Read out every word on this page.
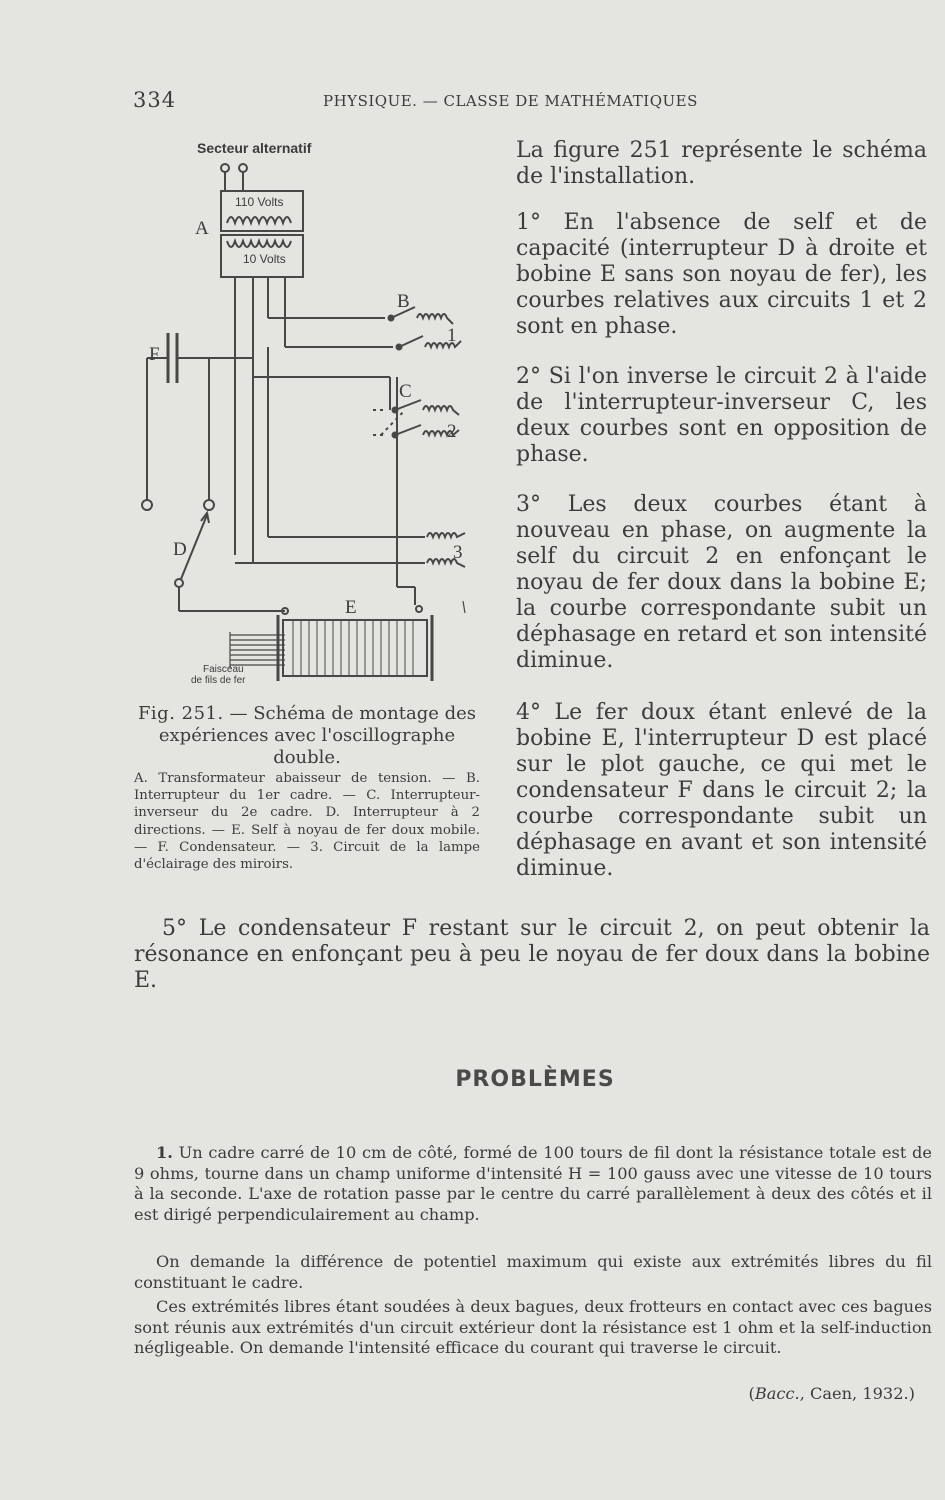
334	PHYSIQUE. — CLASSE DE MATHÉMATIQUES
Secteur alternatif
110 Volts
10 Volts
A
B
C
D
E
F
1
2
3
Faisceau
de fils de fer
Fig. 251. — Schéma de montage des expériences avec l'oscillographe double.
A. Transformateur abaisseur de tension. — B. Interrupteur du 1er cadre. — C. Interrupteur-inverseur du 2e cadre. D. Interrupteur à 2 directions. — E. Self à noyau de fer doux mobile. — F. Condensateur. — 3. Circuit de la lampe d'éclairage des miroirs.

La figure 251 représente le schéma de l'installation.

1° En l'absence de self et de capacité (interrupteur D à droite et bobine E sans son noyau de fer), les courbes relatives aux circuits 1 et 2 sont en phase.

2° Si l'on inverse le circuit 2 à l'aide de l'interrupteur-inverseur C, les deux courbes sont en opposition de phase.

3° Les deux courbes étant à nouveau en phase, on augmente la self du circuit 2 en enfonçant le noyau de fer doux dans la bobine E; la courbe correspondante subit un déphasage en retard et son intensité diminue.

4° Le fer doux étant enlevé de la bobine E, l'interrupteur D est placé sur le plot gauche, ce qui met le condensateur F dans le circuit 2; la courbe correspondante subit un déphasage en avant et son intensité diminue.

5° Le condensateur F restant sur le circuit 2, on peut obtenir la résonance en enfonçant peu à peu le noyau de fer doux dans la bobine E.

PROBLÈMES

1. Un cadre carré de 10 cm de côté, formé de 100 tours de fil dont la résistance totale est de 9 ohms, tourne dans un champ uniforme d'intensité H = 100 gauss avec une vitesse de 10 tours à la seconde. L'axe de rotation passe par le centre du carré parallèlement à deux des côtés et il est dirigé perpendiculairement au champ.

On demande la différence de potentiel maximum qui existe aux extrémités libres du fil constituant le cadre.

Ces extrémités libres étant soudées à deux bagues, deux frotteurs en contact avec ces bagues sont réunis aux extrémités d'un circuit extérieur dont la résistance est 1 ohm et la self-induction négligeable. On demande l'intensité efficace du courant qui traverse le circuit.

(Bacc., Caen, 1932.)
